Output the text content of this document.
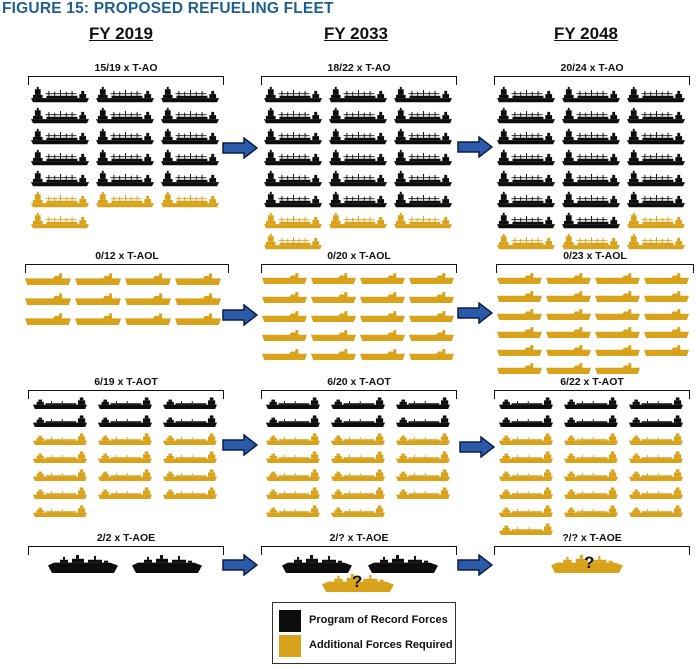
FIGURE 15: PROPOSED REFUELING FLEET
FY 2019	FY 2033	FY 2048
15/19 x T-AO	18/22 x T-AO	20/24 x T-AO
0/12 x T-AOL	0/20 x T-AOL	0/23 x T-AOL
6/19 x T-AOT	6/20 x T-AOT	6/22 x T-AOT
2/2 x T-AOE	2/? x T-AOE	?/? x T-AOE
?
?
Program of Record Forces
Additional Forces Required
